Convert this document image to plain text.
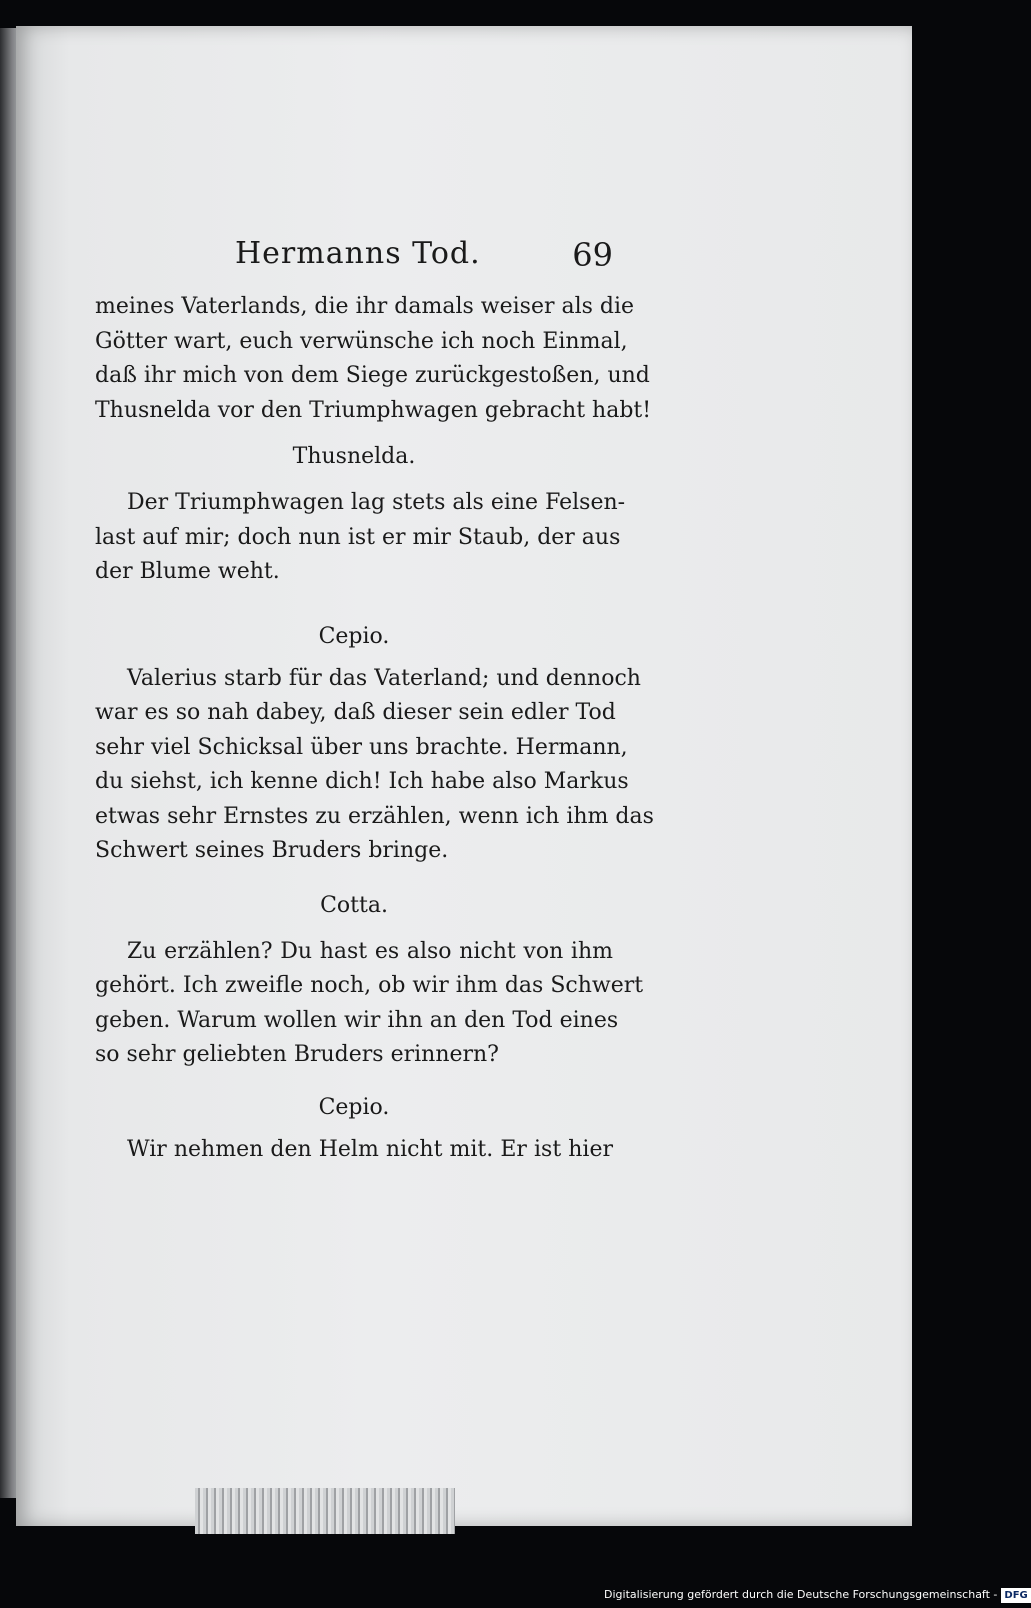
Hermanns Tod.	69

meines Vaterlands, die ihr damals weiser als die

Götter wart, euch verwünsche ich noch Einmal,

daß ihr mich von dem Siege zurückgestoßen, und

Thusnelda vor den Triumphwagen gebracht habt!

Thusnelda.

Der Triumphwagen lag stets als eine Felsen-

last auf mir; doch nun ist er mir Staub, der aus

der Blume weht.

Cepio.

Valerius starb für das Vaterland; und dennoch

war es so nah dabey, daß dieser sein edler Tod

sehr viel Schicksal über uns brachte. Hermann,

du siehst, ich kenne dich! Ich habe also Markus

etwas sehr Ernstes zu erzählen, wenn ich ihm das

Schwert seines Bruders bringe.

Cotta.

Zu erzählen? Du hast es also nicht von ihm

gehört. Ich zweifle noch, ob wir ihm das Schwert

geben. Warum wollen wir ihn an den Tod eines

so sehr geliebten Bruders erinnern?

Cepio.

Wir nehmen den Helm nicht mit. Er ist hier

Digitalisierung gefördert durch die Deutsche Forschungsgemeinschaft - DFG
